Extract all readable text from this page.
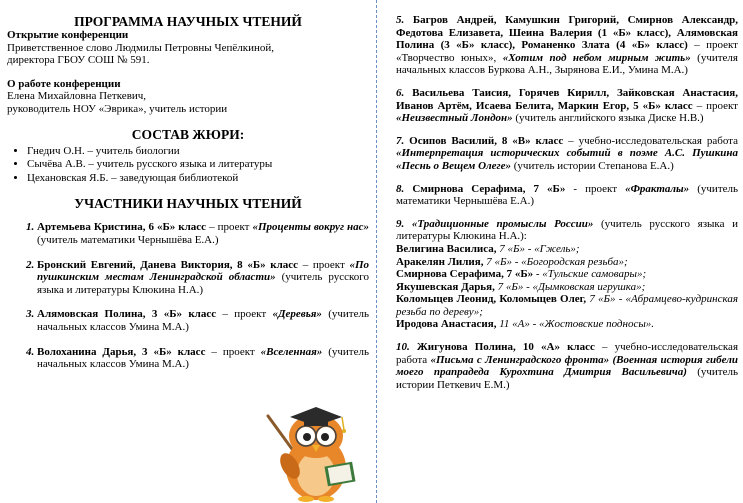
ПРОГРАММА НАУЧНЫХ ЧТЕНИЙ
Открытие конференции
Приветственное слово Людмилы Петровны Чепёлкиной,
директора ГБОУ СОШ № 591.
О работе конференции
Елена Михайловна Петкевич,
руководитель НОУ «Эврика», учитель истории
СОСТАВ ЖЮРИ:
• Гнедич О.Н. – учитель биологии
• Сычёва А.В. – учитель русского языка и литературы
• Цехановская Я.Б. – заведующая библиотекой
УЧАСТНИКИ НАУЧНЫХ ЧТЕНИЙ
1. Артемьева Кристина, 6 «Б» класс – проект «Проценты вокруг нас» (учитель математики Чернышёва Е.А.)
2. Бронский Евгений, Данева Виктория, 8 «Б» класс – проект «По пушкинским местам Ленинградской области» (учитель русского языка и литературы Клюкина Н.А.)
3. Алямовская Полина, 3 «Б» класс – проект «Деревья» (учитель начальных классов Умина М.А.)
4. Волоханина Дарья, 3 «Б» класс – проект «Вселенная» (учитель начальных классов Умина М.А.)
5. Багров Андрей, Камушкин Григорий, Смирнов Александр, Федотова Елизавета, Шеина Валерия (1 «Б» класс), Алямовская Полина (3 «Б» класс), Романенко Злата (4 «Б» класс) – проект «Творчество юных», «Хотим под небом мирным жить» (учителя начальных классов Буркова А.Н., Зырянова Е.И., Умина М.А.)
6. Васильева Таисия, Горячев Кирилл, Зайковская Анастасия, Иванов Артём, Исаева Белита, Маркин Егор, 5 «Б» класс – проект «Неизвестный Лондон» (учитель английского языка Диске Н.В.)
7. Осипов Василий, 8 «В» класс – учебно-исследовательская работа «Интерпретация исторических событий в поэме А.С. Пушкина «Песнь о Вещем Олеге» (учитель истории Степанова Е.А.)
8. Смирнова Серафима, 7 «Б» - проект «Фракталы» (учитель математики Чернышёва Е.А.)
9. «Традиционные промыслы России» (учитель русского языка и литературы Клюкина Н.А.):
Велигина Василиса, 7 «Б» - «Гжель»;
Аракелян Лилия, 7 «Б» - «Богородская резьба»;
Смирнова Серафима, 7 «Б» - «Тульские самовары»;
Якушевская Дарья, 7 «Б» - «Дымковская игрушка»;
Коломыцев Леонид, Коломыцев Олег, 7 «Б» - «Абрамцево-кудринская резьба по дереву»;
Иродова Анастасия, 11 «А» - «Жостовские подносы».
10. Жигунова Полина, 10 «А» класс – учебно-исследовательская работа «Письма с Ленинградского фронта» (Военная история гибели моего прапрадеда Курохтина Дмитрия Васильевича) (учитель истории Петкевич Е.М.)
